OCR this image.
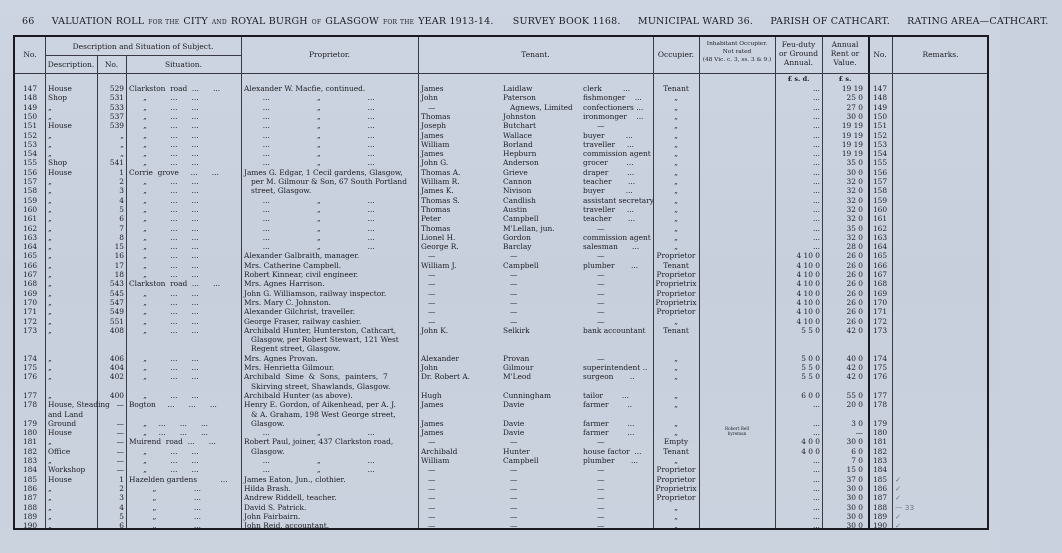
66 VALUATION ROLL for the CITY and ROYAL BURGH of GLASGOW for the YEAR 1913-14. SURVEY BOOK 1168. MUNICIPAL WARD 36. PARISH OF CATHCART. RATING AREA—CATHCART.
No.
Description and Situation of Subject.
Description.	No.	Situation.
Proprietor.	Tenant.	Occupier.
Inhabitant Occupier.
Not rated
(48 Vic. c. 3, ss. 3 & 9.)
Feu-duty
or Ground
Annual.
Annual
Rent or
Value.
No.	Remarks.
£ s. d.	£ s.
147	House	529 Clarkston  road  ...      ...	Alexander W. Macfie, continued.	James	Laidlaw	clerk         ...	Tenant	...	19 19	147
148	Shop	531 „          ...      ...	...                    „                    ...	John	Paterson	fishmonger    ...	„	...	25 0	148
149	„	533 „          ...      ...	...                    „                    ...	—	Agnews, Limited confectioners ...	„	...	27 0	149
150	„	537 „          ...      ...	...                    „                    ...	Thomas	Johnston	ironmonger    ...	„	...	30 0	150
151	House	539 „          ...      ...	...                    „                    ...	Joseph	Butchart	—	„	...	19 19	151
152	„	„ „          ...      ...	...                    „                    ...	James	Wallace	buyer         ...	„	...	19 19	152
153	„	„ „          ...      ...	...                    „                    ...	William	Borland	traveller     ...	„	...	19 19	153
154	„	„ „          ...      ...	...                    „                    ...	James	Hepburn	commission agent	„	...	19 19	154
155	Shop	541 „          ...      ...	...                    „                    ...	John G.	Anderson	grocer        ...	„	...	35 0	155
156	House	1 Corrie  grove     ...      ...	James G. Edgar, 1 Cecil gardens, Glasgow,	Thomas A.	Grieve	draper        ...	„	...	30 0	156
157	„	2 „          ...      ...	per M. Gilmour & Son, 67 South Portland	William R.	Cannon	teacher       ...	„	...	32 0	157
158	„	3 „          ...      ...	street, Glasgow.	James K.	Nivison	buyer         ...	„	...	32 0	158
159	„	4 „          ...      ...	...                    „                    ...	Thomas S.	Candlish	assistant secretary	„	...	32 0	159
160	„	5 „          ...      ...	...                    „                    ...	Thomas	Austin	traveller     ...	„	...	32 0	160
161	„	6 „          ...      ...	...                    „                    ...	Peter	Campbell	teacher       ...	„	...	32 0	161
162	„	7 „          ...      ...	...                    „                    ...	Thomas	M'Lellan, jun.	—	„	...	35 0	162
163	„	8 „          ...      ...	...                    „                    ...	Lionel H.	Gordon	commission agent	„	...	32 0	163
164	„	15 „          ...      ...	...                    „                    ...	George R.	Barclay	salesman      ...	„	...	28 0	164
165	„	16 „          ...      ...	Alexander Galbraith, manager.	—	—	—	Proprietor	4 10 0	26 0	165
166	„	17 „          ...      ...	Mrs. Catherine Campbell.	William J.	Campbell	plumber       ...	Tenant	4 10 0	26 0	166
167	„	18 „          ...      ...	Robert Kinnear, civil engineer.	—	—	—	Proprietor	4 10 0	26 0	167
168	„	543 Clarkston  road  ...      ...	Mrs. Agnes Harrison.	—	—	—	Proprietrix	4 10 0	26 0	168
169	„	545 „          ...      ...	John G. Williamson, railway inspector.	—	—	—	Proprietor	4 10 0	26 0	169
170	„	547 „          ...      ...	Mrs. Mary C. Johnston.	—	—	—	Proprietrix	4 10 0	26 0	170
171	„	549 „          ...      ...	Alexander Gilchrist, traveller.	—	—	—	Proprietor	4 10 0	26 0	171
172	„	551 „          ...      ...	George Fraser, railway cashier.	—	—	—	„	4 10 0	26 0	172
173	„	408 „          ...      ...	Archibald Hunter, Hunterston, Cathcart,	John K.	Selkirk	bank accountant	Tenant	5 5 0	42 0	173
Glasgow, per Robert Stewart, 121 West
Regent street, Glasgow.
174	„	406 „          ...      ...	Mrs. Agnes Provan.	Alexander	Provan	—	„	5 0 0	40 0	174
175	„	404 „          ...      ...	Mrs. Henrietta Gilmour.	John	Gilmour	superintendent ..	„	5 5 0	42 0	175
176	„	402 „          ...      ...	Archibald  Sime  &  Sons,  painters,  7	Dr. Robert A.	M'Leod	surgeon       ..	„	5 5 0	42 0	176
Skirving street, Shawlands, Glasgow.
177	„	400 „          ...      ...	Archibald Hunter (as above).	Hugh	Cunningham	tailor        ...	„	6 0 0	55 0	177
178	House, Steading — Bogton     ...      ...      ...	Henry E. Gordon, of Aikenhead, per A. J.	James	Davie	farmer        ..	„	...	20 0	178
and Land	& A. Graham, 198 West George street,
179	Ground	— „     ...      ...      ...	Glasgow.	James	Davie	farmer        ...	„	...	3 0	179
180	House	— „     ...      ...      ...	...                    „                    ...	James	Davie	farmer        ...	„	Robert Bell
byreman	...	—	180
181	„	— Muirend  road  ...      ...	Robert Paul, joiner, 437 Clarkston road,	—	—	—	Empty	4 0 0	30 0	181
182	Office	— „          ...      ...	Glasgow.	Archibald	Hunter	house factor  ...	Tenant	4 0 0	6 0	182
183	„	— „          ...      ...	...                    „                    ...	William	Campbell	plumber       ...	„	...	7 0	183
184	Workshop	— „          ...      ...	...                    „                    ...	—	—	—	Proprietor	...	15 0	184
185	House	1 Hazelden gardens          ...	James Eaton, Jun., clothier.	—	—	—	Proprietor	...	37 0	185	✓
186	„	2 „                ...	Hilda Brash.	—	—	—	Proprietrix	...	30 0	186	✓
187	„	3 „                ...	Andrew Riddell, teacher.	—	—	—	Proprietor	...	30 0	187	✓
188	„	4 „                ...	David S. Patrick.	—	—	—	„	...	30 0	188	— 33
189	„	5 „                ...	John Fairbairn.	—	—	—	„	...	30 0	189	✓
190	„	6 „                ...	John Reid, accountant.	—	—	—	„	...	30 0	190	✓
